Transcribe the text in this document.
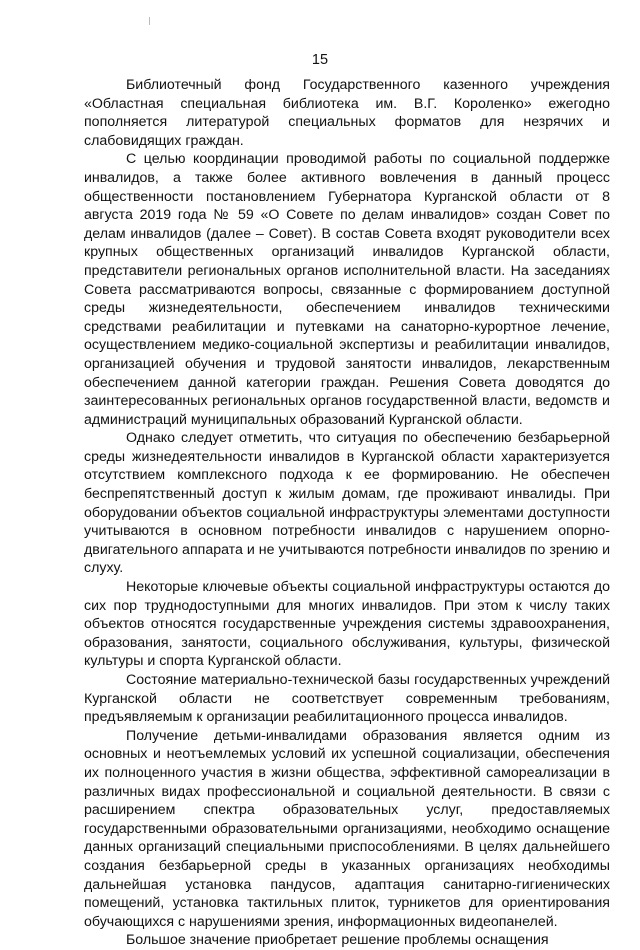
15

Библиотечный фонд Государственного казенного учреждения «Областная специальная библиотека им. В.Г. Короленко» ежегодно пополняется литературой специальных форматов для незрячих и слабовидящих граждан.

С целью координации проводимой работы по социальной поддержке инвалидов, а также более активного вовлечения в данный процесс общественности постановлением Губернатора Курганской области от 8 августа 2019 года № 59 «О Совете по делам инвалидов» создан Совет по делам инвалидов (далее – Совет). В состав Совета входят руководители всех крупных общественных организаций инвалидов Курганской области, представители региональных органов исполнительной власти. На заседаниях Совета рассматриваются вопросы, связанные с формированием доступной среды жизнедеятельности, обеспечением инвалидов техническими средствами реабилитации и путевками на санаторно-курортное лечение, осуществлением медико-социальной экспертизы и реабилитации инвалидов, организацией обучения и трудовой занятости инвалидов, лекарственным обеспечением данной категории граждан. Решения Совета доводятся до заинтересованных региональных органов государственной власти, ведомств и администраций муниципальных образований Курганской области.

Однако следует отметить, что ситуация по обеспечению безбарьерной среды жизнедеятельности инвалидов в Курганской области характеризуется отсутствием комплексного подхода к ее формированию. Не обеспечен беспрепятственный доступ к жилым домам, где проживают инвалиды. При оборудовании объектов социальной инфраструктуры элементами доступности учитываются в основном потребности инвалидов с нарушением опорно-двигательного аппарата и не учитываются потребности инвалидов по зрению и слуху.

Некоторые ключевые объекты социальной инфраструктуры остаются до сих пор труднодоступными для многих инвалидов. При этом к числу таких объектов относятся государственные учреждения системы здравоохранения, образования, занятости, социального обслуживания, культуры, физической культуры и спорта Курганской области.

Состояние материально-технической базы государственных учреждений Курганской области не соответствует современным требованиям, предъявляемым к организации реабилитационного процесса инвалидов.

Получение детьми-инвалидами образования является одним из основных и неотъемлемых условий их успешной социализации, обеспечения их полноценного участия в жизни общества, эффективной самореализации в различных видах профессиональной и социальной деятельности. В связи с расширением спектра образовательных услуг, предоставляемых государственными образовательными организациями, необходимо оснащение данных организаций специальными приспособлениями. В целях дальнейшего создания безбарьерной среды в указанных организациях необходимы дальнейшая установка пандусов, адаптация санитарно-гигиенических помещений, установка тактильных плиток, турникетов для ориентирования обучающихся с нарушениями зрения, информационных видеопанелей.

Большое значение приобретает решение проблемы оснащения
